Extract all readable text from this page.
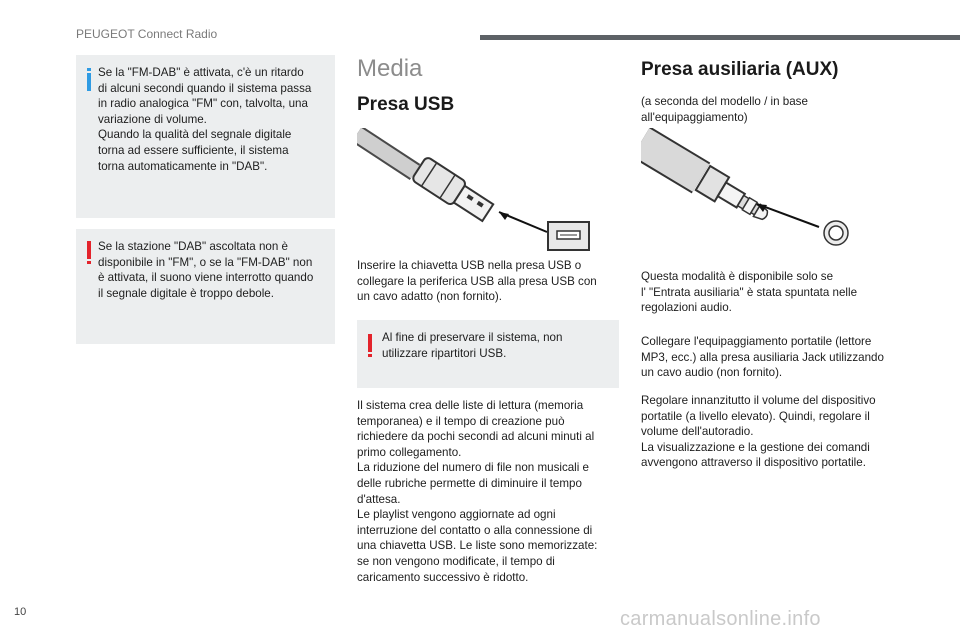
PEUGEOT Connect Radio

Se la "FM-DAB" è attivata, c'è un ritardo

di alcuni secondi quando il sistema passa

in radio analogica "FM" con, talvolta, una

variazione di volume.

Quando la qualità del segnale digitale

torna ad essere sufficiente, il sistema

torna automaticamente in "DAB".

Se la stazione "DAB" ascoltata non è

disponibile in "FM", o se la "FM-DAB" non

è attivata, il suono viene interrotto quando

il segnale digitale è troppo debole.

Media
Presa USB
Inserire la chiavetta USB nella presa USB o
collegare la periferica USB alla presa USB con
un cavo adatto (non fornito).

Al fine di preservare il sistema, non

utilizzare ripartitori USB.

Il sistema crea delle liste di lettura (memoria
temporanea) e il tempo di creazione può
richiedere da pochi secondi ad alcuni minuti al
primo collegamento.
La riduzione del numero di file non musicali e
delle rubriche permette di diminuire il tempo
d'attesa.
Le playlist vengono aggiornate ad ogni
interruzione del contatto o alla connessione di
una chiavetta USB. Le liste sono memorizzate:
se non vengono modificate, il tempo di
caricamento successivo è ridotto.
Presa ausiliaria (AUX)
(a seconda del modello / in base
all'equipaggiamento)
Questa modalità è disponibile solo se
l' "Entrata ausiliaria" è stata spuntata nelle
regolazioni audio.
Collegare l'equipaggiamento portatile (lettore
MP3, ecc.) alla presa ausiliaria Jack utilizzando
un cavo audio (non fornito).
Regolare innanzitutto il volume del dispositivo
portatile (a livello elevato). Quindi, regolare il
volume dell'autoradio.
La visualizzazione e la gestione dei comandi
avvengono attraverso il dispositivo portatile.
10	carmanualsonline.info
